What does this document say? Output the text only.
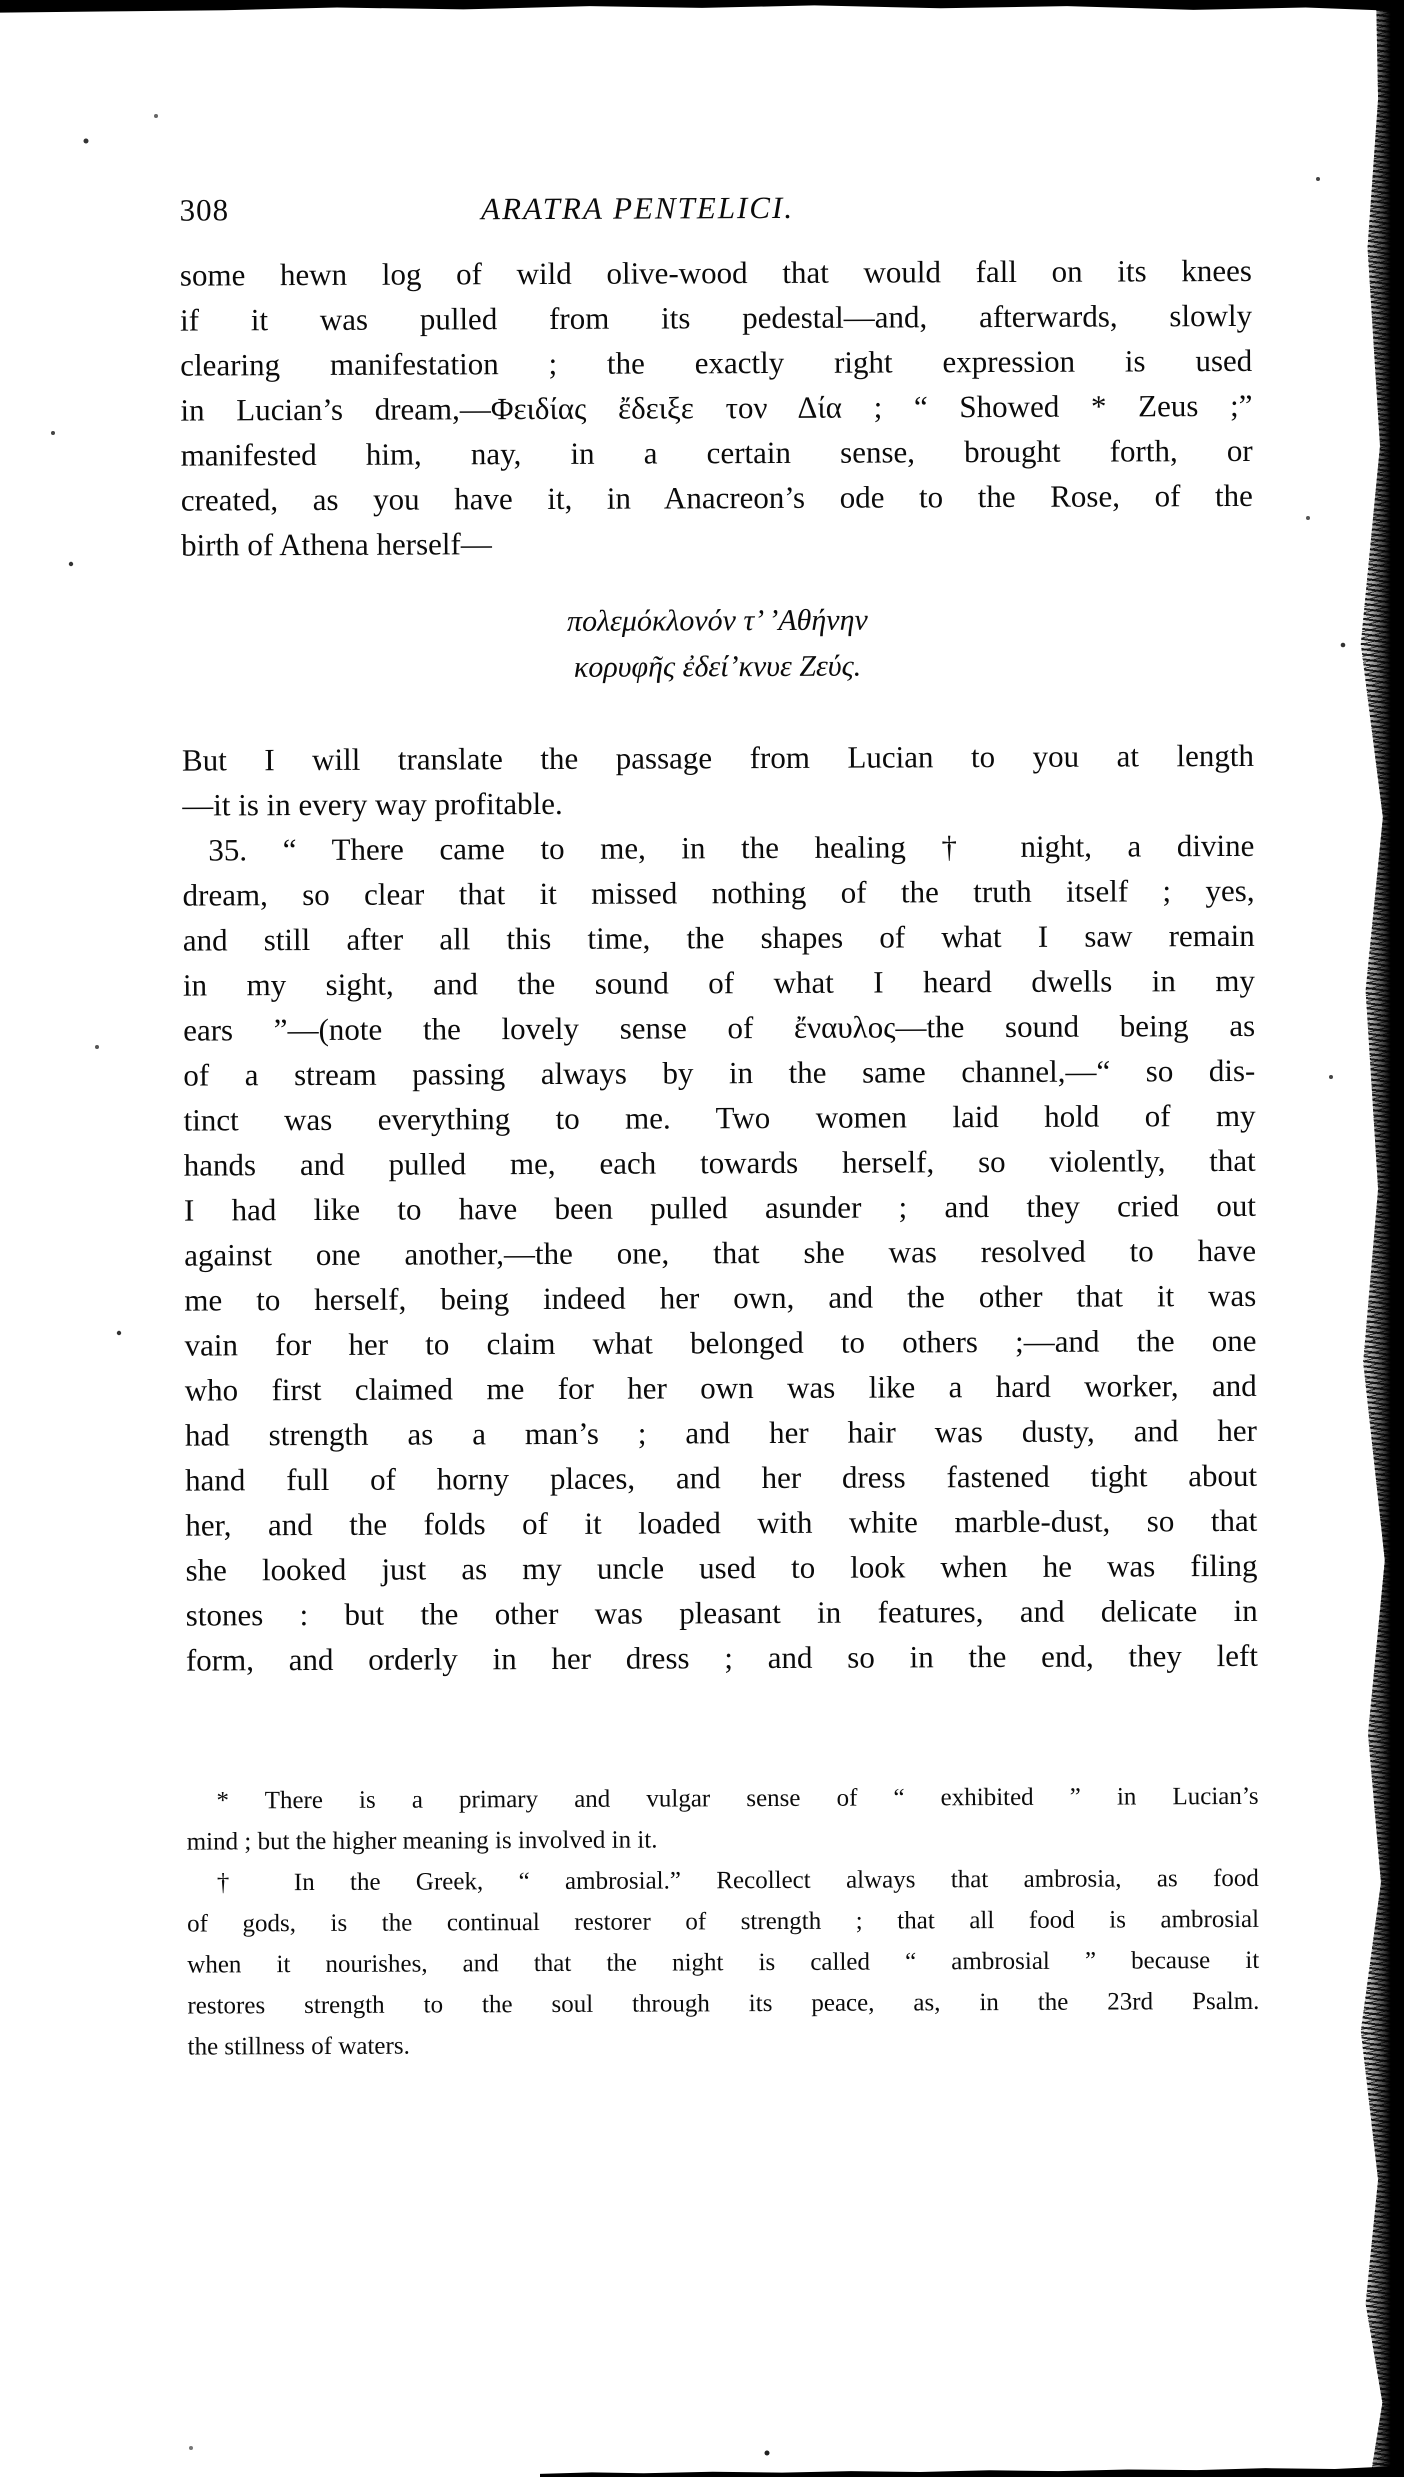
308	ARATRA PENTELICI.
some hewn log of wild olive-wood that would fall on its knees
if it was pulled from its pedestal—and, afterwards, slowly
clearing manifestation ; the exactly right expression is used
in Lucian’s dream,—Φειδίας ἔδειξε τον Δία ; “ Showed * Zeus ;”
manifested him, nay, in a certain sense, brought forth, or
created, as you have it, in Anacreon’s ode to the Rose, of the
birth of Athena herself—
πολεμόκλονόν τ’ ’Αθήνην
κορυφῆς ἐδεί’κνυε Ζεύς.
But I will translate the passage from Lucian to you at length
—it is in every way profitable.
35. “ There came to me, in the healing † night, a divine
dream, so clear that it missed nothing of the truth itself ; yes,
and still after all this time, the shapes of what I saw remain
in my sight, and the sound of what I heard dwells in my
ears ”—(note the lovely sense of ἔναυλος—the sound being as
of a stream passing always by in the same channel,—“ so dis-
tinct was everything to me. Two women laid hold of my
hands and pulled me, each towards herself, so violently, that
I had like to have been pulled asunder ; and they cried out
against one another,—the one, that she was resolved to have
me to herself, being indeed her own, and the other that it was
vain for her to claim what belonged to others ;—and the one
who first claimed me for her own was like a hard worker, and
had strength as a man’s ; and her hair was dusty, and her
hand full of horny places, and her dress fastened tight about
her, and the folds of it loaded with white marble-dust, so that
she looked just as my uncle used to look when he was filing
stones : but the other was pleasant in features, and delicate in
form, and orderly in her dress ; and so in the end, they left
* There is a primary and vulgar sense of “ exhibited ” in Lucian’s
mind ; but the higher meaning is involved in it.
† In the Greek, “ ambrosial.” Recollect always that ambrosia, as food
of gods, is the continual restorer of strength ; that all food is ambrosial
when it nourishes, and that the night is called “ ambrosial ” because it
restores strength to the soul through its peace, as, in the 23rd Psalm.
the stillness of waters.
